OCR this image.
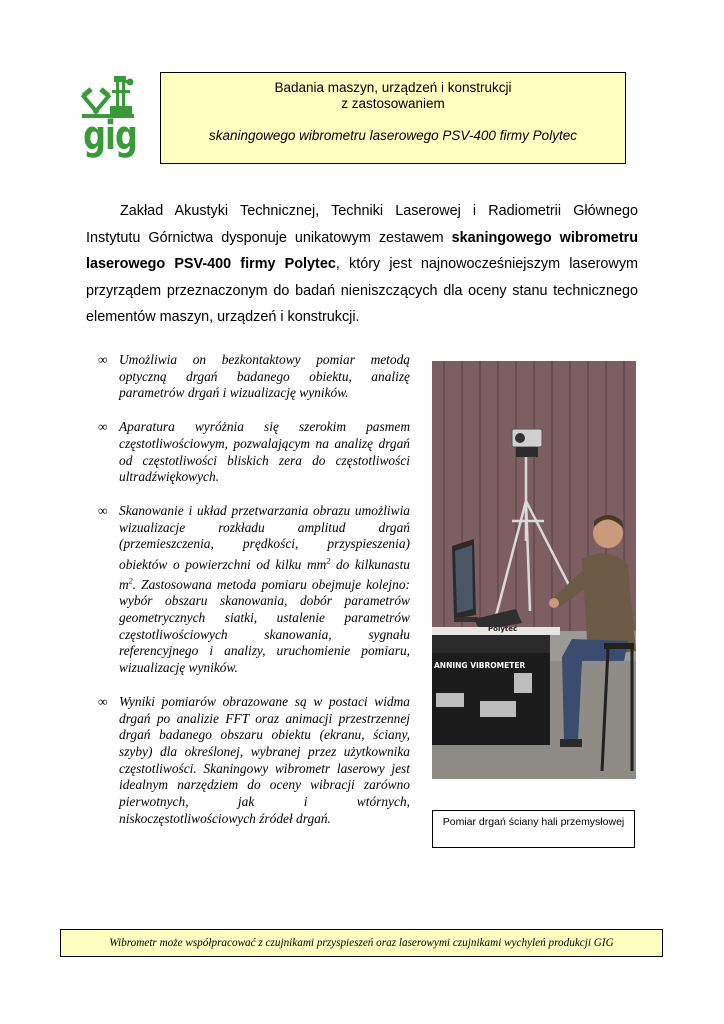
gig
Badania maszyn, urządzeń i konstrukcji
z zastosowaniem
skaningowego wibrometru laserowego PSV-400 firmy Polytec

Zakład Akustyki Technicznej, Techniki Laserowej i Radiometrii Głównego Instytutu Górnictwa dysponuje unikatowym zestawem skaningowego wibrometru laserowego PSV-400 firmy Polytec, który jest najnowocześniejszym laserowym przyrządem przeznaczonym do badań nieniszczących dla oceny stanu technicznego elementów maszyn, urządzeń i konstrukcji.

∞ Umożliwia on bezkontaktowy pomiar metodą optyczną drgań badanego obiektu, analizę parametrów drgań i wizualizację wyników.
∞ Aparatura wyróżnia się szerokim pasmem częstotliwościowym, pozwalającym na analizę drgań od częstotliwości bliskich zera do częstotliwości ultradźwiękowych.
∞ Skanowanie i układ przetwarzania obrazu umożliwia wizualizacje rozkładu amplitud drgań (przemieszczenia, prędkości, przyspieszenia) obiektów o powierzchni od kilku $mm^2$ do kilkunastu $m^2$. Zastosowana metoda pomiaru obejmuje kolejno: wybór obszaru skanowania, dobór parametrów geometrycznych siatki, ustalenie parametrów częstotliwościowych skanowania, sygnału referencyjnego i analizy, uruchomienie pomiaru, wizualizację wyników.
∞ Wyniki pomiarów obrazowane są w postaci widma drgań po analizie FFT oraz animacji przestrzennej drgań badanego obszaru obiektu (ekranu, ściany, szyby) dla określonej, wybranej przez użytkownika częstotliwości. Skaningowy wibrometr laserowy jest idealnym narzędziem do oceny wibracji zarówno pierwotnych, jak i wtórnych, niskoczęstotliwościowych źródeł drgań.
Polytec
ANNING VIBROMETER
Pomiar drgań ściany hali przemysłowej
Wibrometr może współpracować z czujnikami przyspieszeń oraz laserowymi czujnikami wychyleń produkcji GIG
